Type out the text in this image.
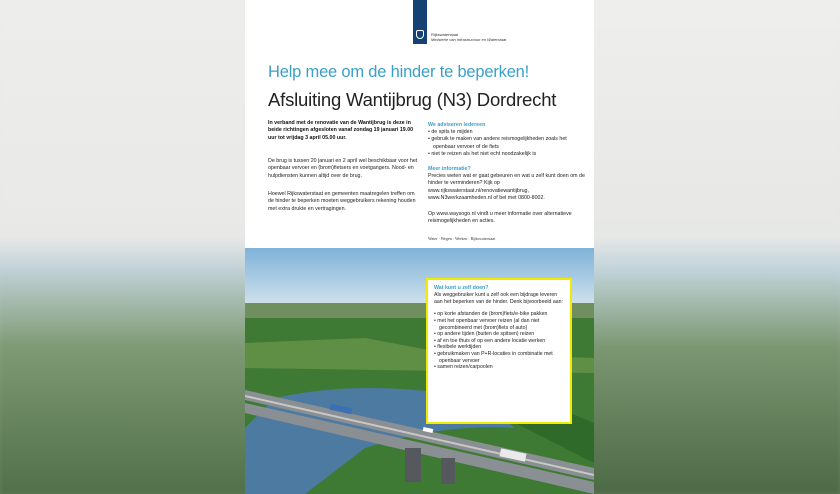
Rijkswaterstaat
Ministerie van Infrastructuur en Waterstaat
Help mee om de hinder te beperken!
Afsluiting Wantijbrug (N3) Dordrecht
In verband met de renovatie van de Wantijbrug is deze in beide richtingen afgesloten vanaf zondag 19 januari 19.00 uur tot vrijdag 3 april 05.00 uur.
De brug is tussen 20 januari en 2 april wel beschikbaar voor het openbaar vervoer en (brom)fietsers en voetgangers. Nood- en hulpdiensten kunnen altijd over de brug.
Hoewel Rijkswaterstaat en gemeenten maatregelen treffen om de hinder te beperken moeten weggebruikers rekening houden met extra drukte en vertragingen.
We adviseren iedereen
• de spits te mijden
• gebruik te maken van andere reismogelijkheden zoals het openbaar vervoer of de fiets
• niet te reizen als het niet echt noodzakelijk is
Meer informatie?
Precies weten wat er gaat gebeuren en wat u zelf kunt doen om de hinder te verminderen? Kijk op www.rijkswaterstaat.nl/renovatiewantijbrug, www.N3werkzaamheden.nl of bel met 0800-8002.
Op www.waysogo.nl vindt u meer informatie over alternatieve reismogelijkheden en acties.
Water · Wegen · Werken · Rijkswaterstaat
Wat kunt u zelf doen?
Als weggebruiker kunt u zelf ook een bijdrage leveren aan het beperken van de hinder. Denk bijvoorbeeld aan:
• op korte afstanden de (brom)fiets/e-bike pakken
• met het openbaar vervoer reizen (al dan niet gecombineerd met (brom)fiets of auto)
• op andere tijden (buiten de spitsen) reizen
• af en toe thuis of op een andere locatie werken
• flexibele werktijden
• gebruikmaken van P+R-locaties in combinatie met openbaar vervoer
• samen reizen/carpoolen
